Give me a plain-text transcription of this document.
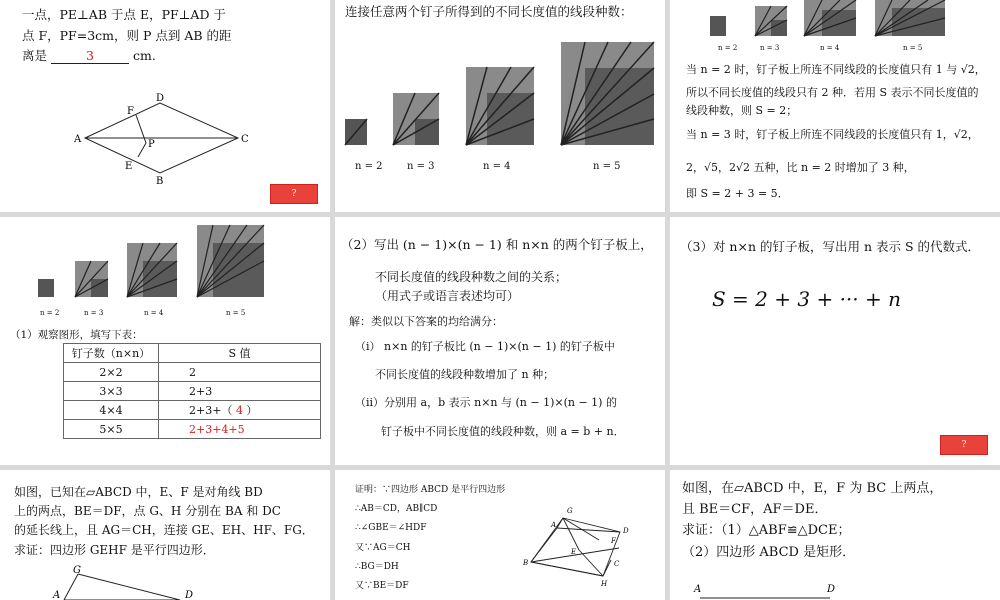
一点，PE⊥AB 于点 E，PF⊥AD 于
点 F，PF=3cm，则 P 点到 AB 的距
离是	3	cm.
A
D
C
B
F
E
P
?
连接任意两个钉子所得到的不同长度值的线段种数：
n = 2 n = 3	n = 4	n = 5
n = 2	n = 3	n = 4	n = 5
当 n = 2 时，钉子板上所连不同线段的长度值只有 1 与 √2，
所以不同长度值的线段只有 2 种．若用 S 表示不同长度值的
线段种数，则 S = 2；
当 n = 3 时，钉子板上所连不同线段的长度值只有 1，√2，
2，√5，2√2 五种，比 n = 2 时增加了 3 种，
即 S = 2 + 3 = 5．
n = 2	n = 3	n = 4	n = 5
（1）观察图形，填写下表：
钉子数（n×n）	S 值
2×2	2
3×3	2+3
4×4	2+3+（ 4 ）
5×5	2+3+4+5
（2）写出 (n − 1)×(n − 1) 和 n×n 的两个钉子板上，
不同长度值的线段种数之间的关系；
（用式子或语言表述均可）
解：类似以下答案的均给满分：
（i） n×n 的钉子板比 (n − 1)×(n − 1) 的钉子板中
不同长度值的线段种数增加了 n 种；
（ii）分别用 a，b 表示 n×n 与 (n − 1)×(n − 1) 的
钉子板中不同长度值的线段种数，则 a = b + n．
（3）对 n×n 的钉子板，写出用 n 表示 S 的代数式．
S = 2 + 3 + ··· + n
?
如图，已知在▱ABCD 中，E、F 是对角线 BD
上的两点，BE＝DF，点 G、H 分别在 BA 和 DC
的延长线上，且 AG＝CH，连接 GE、EH、HF、FG．
求证：四边形 GEHF 是平行四边形．
G
A	D
证明：∵四边形 ABCD 是平行四边形
∴AB＝CD，AB∥CD
∴∠GBE＝∠HDF
又∵AG＝CH
∴BG＝DH
又∵BE＝DF
G
A
D
F
E
B	C
H
如图，在▱ABCD 中，E，F 为 BC 上两点，
且 BE＝CF，AF＝DE．
求证：（1）△ABF≌△DCE；
（2）四边形 ABCD 是矩形．
A	D
